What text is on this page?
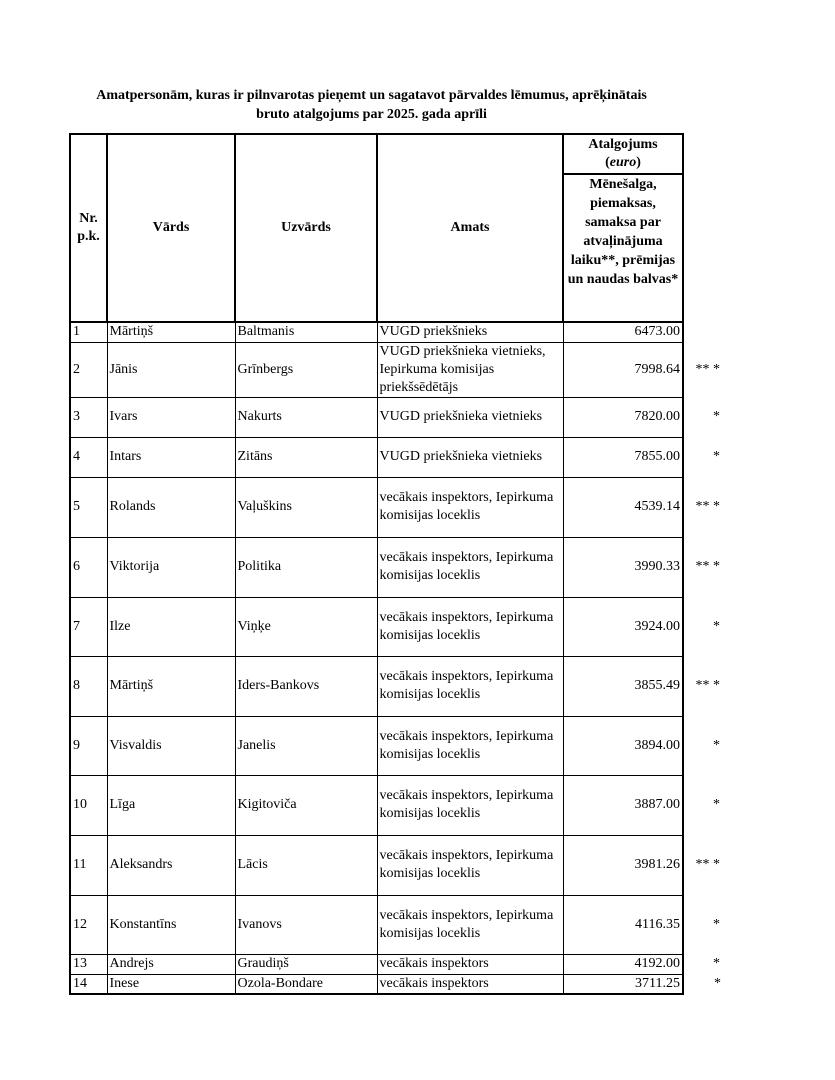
Amatpersonām, kuras ir pilnvarotas pieņemt un sagatavot pārvaldes lēmumus, aprēķinātais
bruto atalgojums par 2025. gada aprīli
Nr. p.k.	Vārds	Uzvārds	Amats	Atalgojums
(euro)	
				Mēnešalga, piemaksas, samaksa par atvaļinājuma laiku**, prēmijas un naudas balvas*	
1	Mārtiņš	Baltmanis	VUGD priekšnieks	6473.00	
2	Jānis	Grīnbergs	VUGD priekšnieka vietnieks, Iepirkuma komisijas priekšsēdētājs	7998.64	** *
3	Ivars	Nakurts	VUGD priekšnieka vietnieks	7820.00	*
4	Intars	Zitāns	VUGD priekšnieka vietnieks	7855.00	*
5	Rolands	Vaļuškins	vecākais inspektors, Iepirkuma komisijas loceklis	4539.14	** *
6	Viktorija	Politika	vecākais inspektors, Iepirkuma komisijas loceklis	3990.33	** *
7	Ilze	Viņķe	vecākais inspektors, Iepirkuma komisijas loceklis	3924.00	*
8	Mārtiņš	Iders-Bankovs	vecākais inspektors, Iepirkuma komisijas loceklis	3855.49	** *
9	Visvaldis	Janelis	vecākais inspektors, Iepirkuma komisijas loceklis	3894.00	*
10	Līga	Kigitoviča	vecākais inspektors, Iepirkuma komisijas loceklis	3887.00	*
11	Aleksandrs	Lācis	vecākais inspektors, Iepirkuma komisijas loceklis	3981.26	** *
12	Konstantīns	Ivanovs	vecākais inspektors, Iepirkuma komisijas loceklis	4116.35	*
13	Andrejs	Graudiņš	vecākais inspektors	4192.00	*
14	Inese	Ozola-Bondare	vecākais inspektors	3711.25	*
